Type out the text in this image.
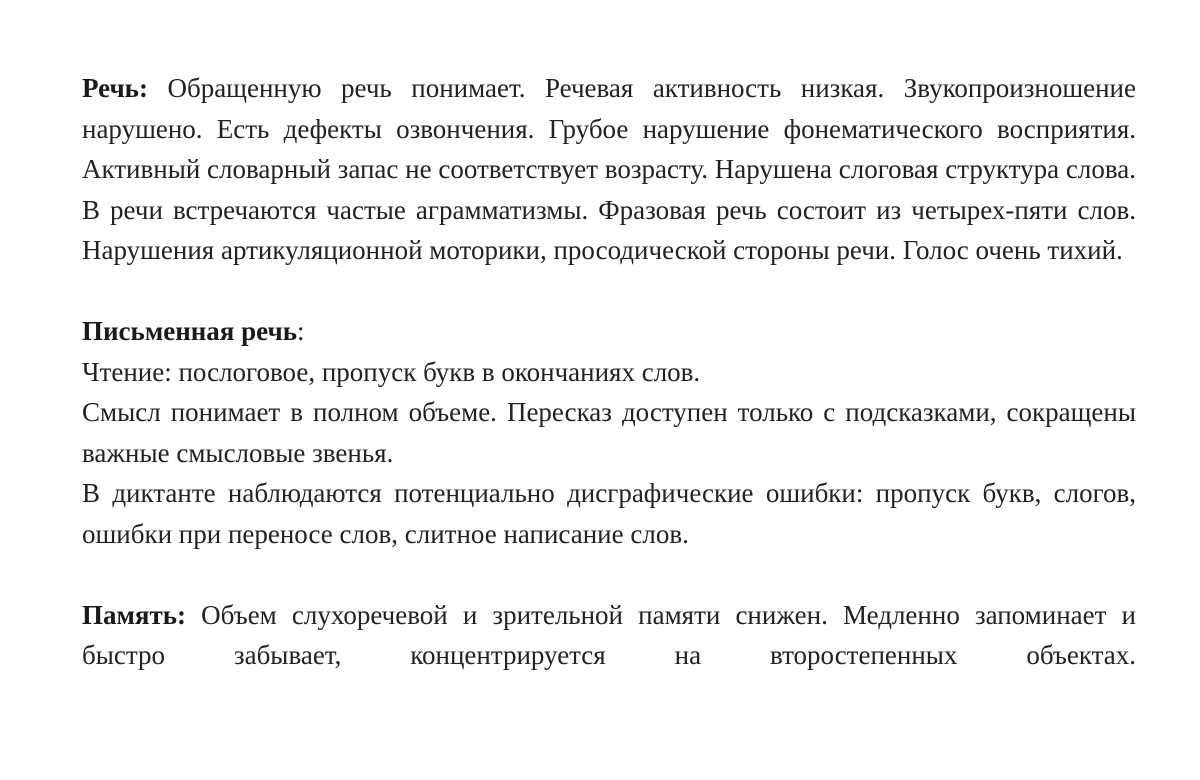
Речь: Обращенную речь понимает. Речевая активность низкая. Звукопроизношение нарушено. Есть дефекты озвончения. Грубое нарушение фонематического восприятия. Активный словарный запас не соответствует возрасту. Нарушена слоговая структура слова. В речи встречаются частые аграмматизмы. Фразовая речь состоит из четырех-пяти слов. Нарушения артикуляционной моторики, просодической стороны речи. Голос очень тихий.

Письменная речь:

Чтение: послоговое, пропуск букв в окончаниях слов.

Смысл понимает в полном объеме. Пересказ доступен только с подсказками, сокращены важные смысловые звенья.

В диктанте наблюдаются потенциально дисграфические ошибки: пропуск букв, слогов, ошибки при переносе слов, слитное написание слов.

Память: Объем слухоречевой и зрительной памяти снижен. Медленно запоминает и быстро забывает, концентрируется на второстепенных объектах.
